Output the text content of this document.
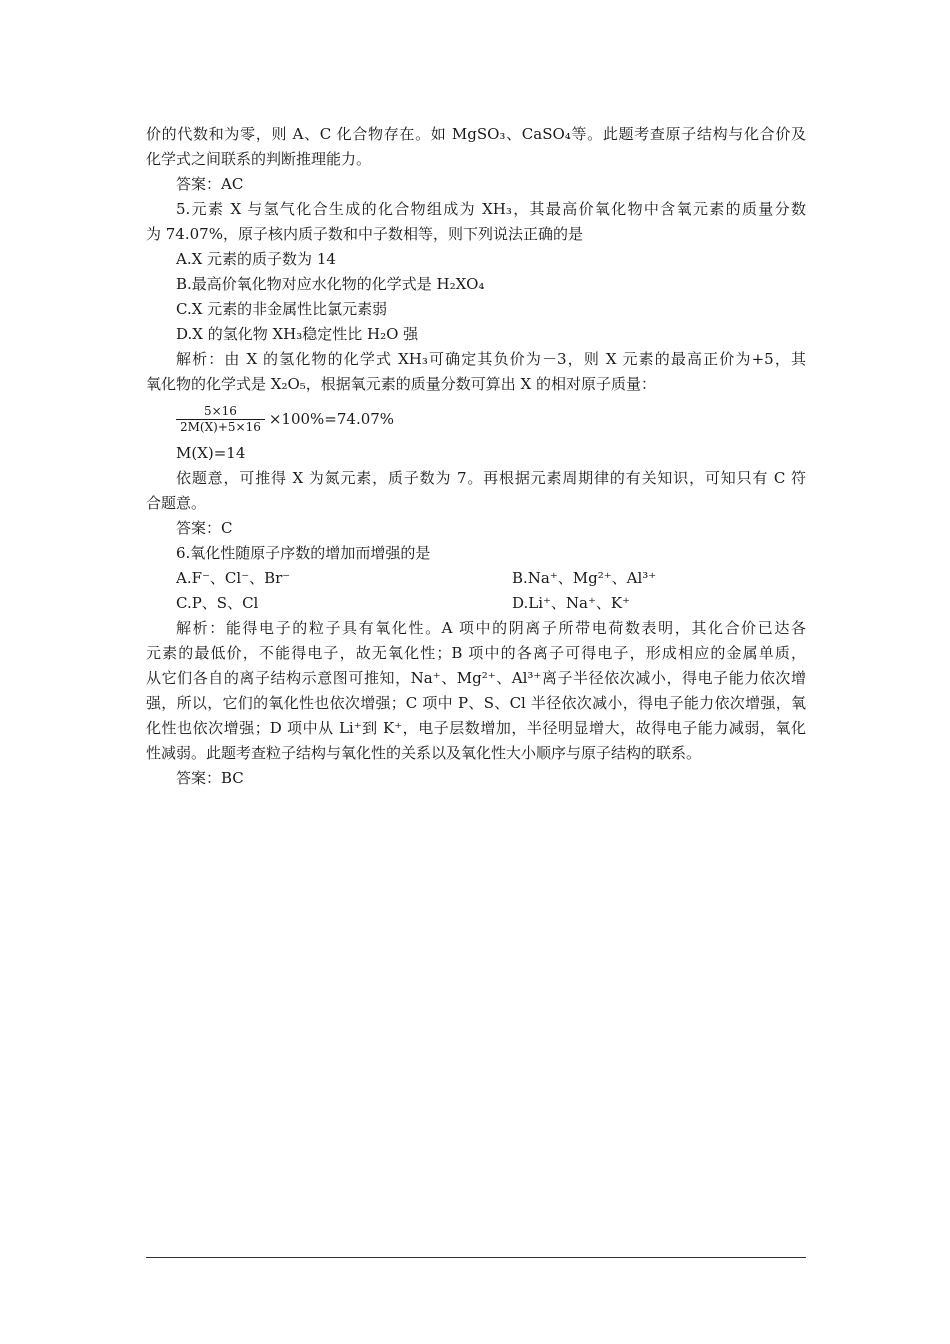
价的代数和为零，则 A、C 化合物存在。如 MgSO₃、CaSO₄等。此题考查原子结构与化合价及
化学式之间联系的判断推理能力。
答案：AC
5.元素 X 与氢气化合生成的化合物组成为 XH₃，其最高价氧化物中含氧元素的质量分数
为 74.07%，原子核内质子数和中子数相等，则下列说法正确的是
A.X 元素的质子数为 14
B.最高价氧化物对应水化物的化学式是 H₂XO₄
C.X 元素的非金属性比氯元素弱
D.X 的氢化物 XH₃稳定性比 H₂O 强
解析：由 X 的氢化物的化学式 XH₃可确定其负价为－3，则 X 元素的最高正价为+5，其
氧化物的化学式是 X₂O₅，根据氧元素的质量分数可算出 X 的相对原子质量：
$\frac{5\times 16}{2M(X)+5\times 16} \times 100\%=74.07\%$
M(X)=14
依题意，可推得 X 为氮元素，质子数为 7。再根据元素周期律的有关知识，可知只有 C 符
合题意。
答案：C
6.氧化性随原子序数的增加而增强的是
A.F⁻、Cl⁻、Br⁻	B.Na⁺、Mg²⁺、Al³⁺
C.P、S、Cl	D.Li⁺、Na⁺、K⁺
解析：能得电子的粒子具有氧化性。A 项中的阴离子所带电荷数表明，其化合价已达各
元素的最低价，不能得电子，故无氧化性；B 项中的各离子可得电子，形成相应的金属单质，
从它们各自的离子结构示意图可推知，Na⁺、Mg²⁺、Al³⁺离子半径依次减小，得电子能力依次增
强，所以，它们的氧化性也依次增强；C 项中 P、S、Cl 半径依次减小，得电子能力依次增强，氧
化性也依次增强；D 项中从 Li⁺到 K⁺，电子层数增加，半径明显增大，故得电子能力减弱，氧化
性减弱。此题考查粒子结构与氧化性的关系以及氧化性大小顺序与原子结构的联系。
答案：BC
